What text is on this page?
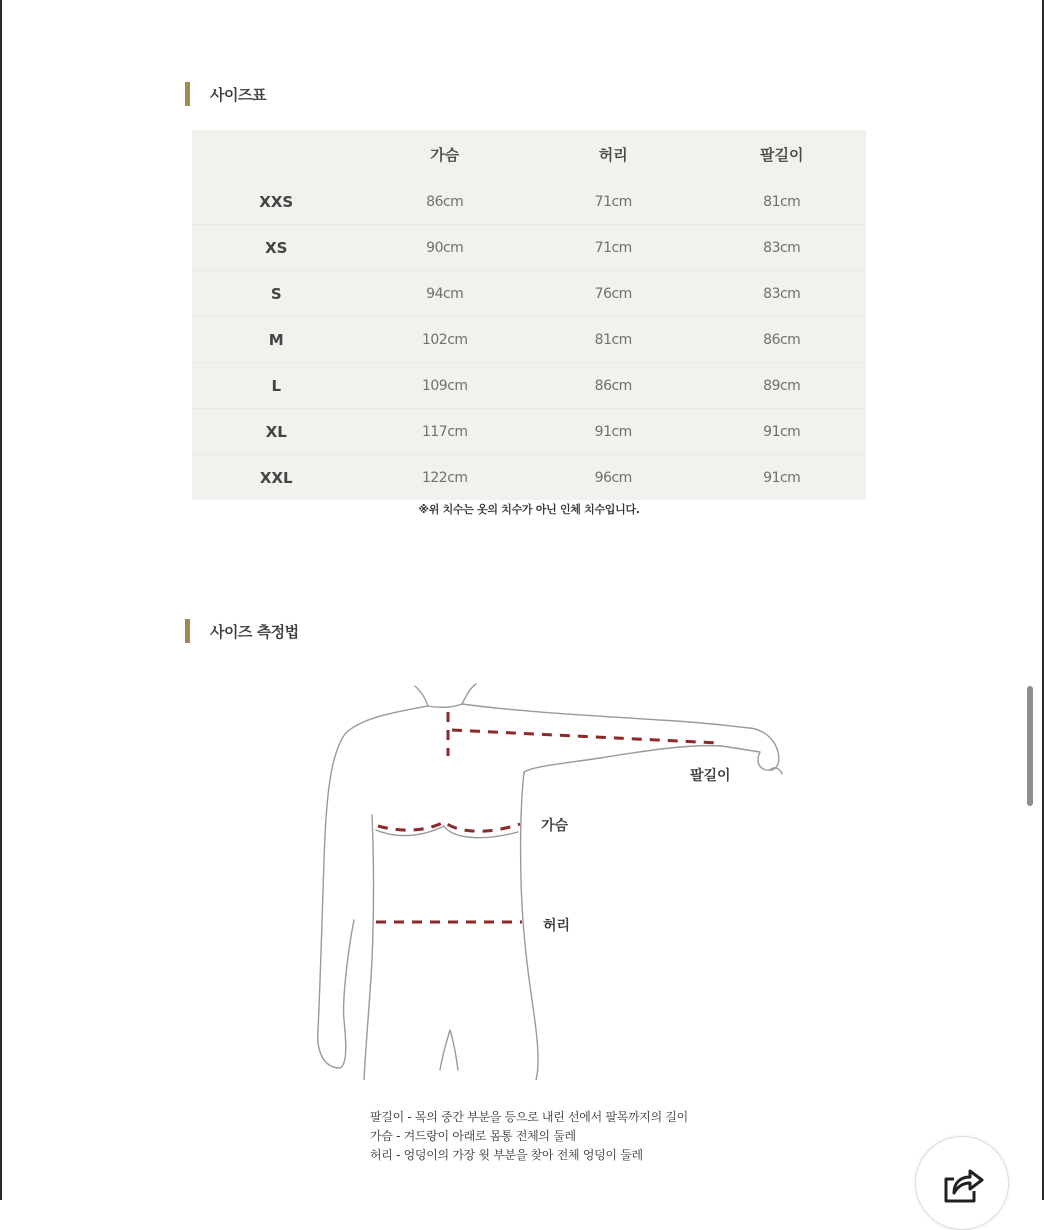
사이즈표
	가슴	허리	팔길이
XXS	86cm	71cm	81cm
XS	90cm	71cm	83cm
S	94cm	76cm	83cm
M	102cm	81cm	86cm
L	109cm	86cm	89cm
XL	117cm	91cm	91cm
XXL	122cm	96cm	91cm
※위 치수는 옷의 치수가 아닌 인체 치수입니다.
사이즈 측정법
팔길이
가슴
허리
팔길이 - 목의 중간 부분을 등으로 내린 선에서 팔목까지의 길이
가슴 - 겨드랑이 아래로 몸통 전체의 둘레
허리 - 엉덩이의 가장 윗 부분을 찾아 전체 엉덩이 둘레
